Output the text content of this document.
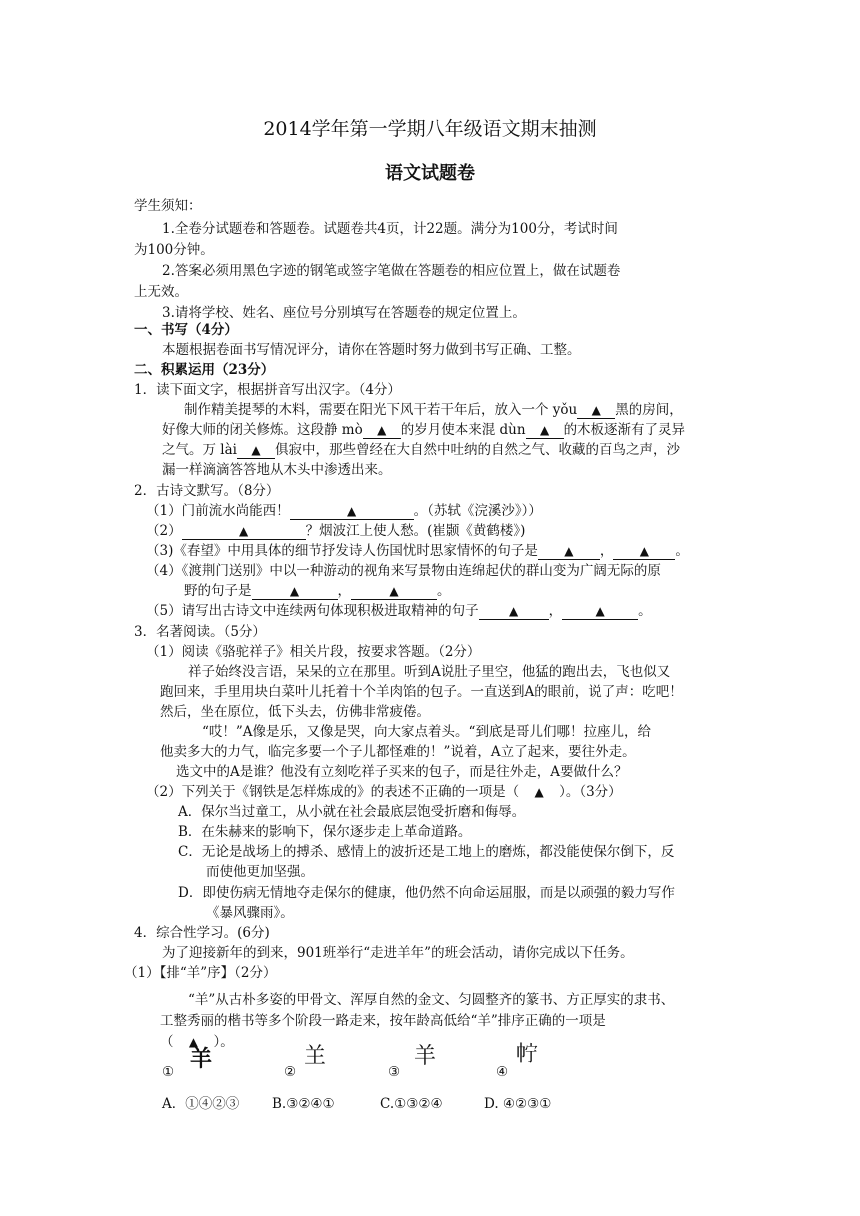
2014学年第一学期八年级语文期末抽测
语文试题卷
学生须知：
1.全卷分试题卷和答题卷。试题卷共4页，计22题。满分为100分，考试时间
为100分钟。
2.答案必须用黑色字迹的钢笔或签字笔做在答题卷的相应位置上，做在试题卷
上无效。
3.请将学校、姓名、座位号分别填写在答题卷的规定位置上。
一、书写（4分）
本题根据卷面书写情况评分，请你在答题时努力做到书写正确、工整。
二、积累运用（23分）
1．读下面文字，根据拼音写出汉字。（4分）
制作精美提琴的木料，需要在阳光下风干若干年后，放入一个 yǒu ▲ 黑的房间，
好像大师的闭关修炼。这段静 mò ▲ 的岁月使本来混 dùn ▲ 的木板逐渐有了灵异
之气。万 lài ▲ 俱寂中，那些曾经在大自然中吐纳的自然之气、收藏的百鸟之声，沙
漏一样滴滴答答地从木头中渗透出来。
2．古诗文默写。（8分）
（1）门前流水尚能西！	▲	。（苏轼《浣溪沙》））
（2）	▲	？烟波江上使人愁。(崔颢《黄鹤楼》)
（3)《春望》中用具体的细节抒发诗人伤国忧时思家情怀的句子是 ▲ ， ▲ 。
（4）《渡荆门送别》中以一种游动的视角来写景物由连绵起伏的群山变为广阔无际的原
野的句子是	▲	，	▲	。
（5）请写出古诗文中连续两句体现积极进取精神的句子	▲ ，	▲ 。
3．名著阅读。（5分）
（1）阅读《骆驼祥子》相关片段，按要求答题。（2分）
祥子始终没言语，呆呆的立在那里。听到A说肚子里空，他猛的跑出去，飞也似又
跑回来，手里用块白菜叶儿托着十个羊肉馅的包子。一直送到A的眼前，说了声：吃吧！
然后，坐在原位，低下头去，仿佛非常疲倦。
“哎！”A像是乐，又像是哭，向大家点着头。“到底是哥儿们哪！拉座儿，给
他卖多大的力气，临完多要一个子儿都怪难的！”说着，A立了起来，要往外走。
选文中的A是谁？他没有立刻吃祥子买来的包子，而是往外走，A要做什么？
（2）下列关于《钢铁是怎样炼成的》的表述不正确的一项是（ ▲ ）。（3分）
A．保尔当过童工，从小就在社会最底层饱受折磨和侮辱。
B．在朱赫来的影响下，保尔逐步走上革命道路。
C．无论是战场上的搏杀、感情上的波折还是工地上的磨炼，都没能使保尔倒下，反
而使他更加坚强。
D．即使伤病无情地夺走保尔的健康，他仍然不向命运屈服，而是以顽强的毅力写作
《暴风骤雨》。
4．综合性学习。(6分)
为了迎接新年的到来，901班举行“走进羊年”的班会活动，请你完成以下任务。
（1）【排“羊”序】（2分）
“羊”从古朴多姿的甲骨文、浑厚自然的金文、匀圆整齐的篆书、方正厚实的隶书、
工整秀丽的楷书等多个阶段一路走来，按年龄高低给“羊”排序正确的一项是
（ ▲ ）。
① 羊	②
𦍌
③
羊
④
𢁼
A．①④②③ B.③②④①	C.①③②④	D. ④②③①
